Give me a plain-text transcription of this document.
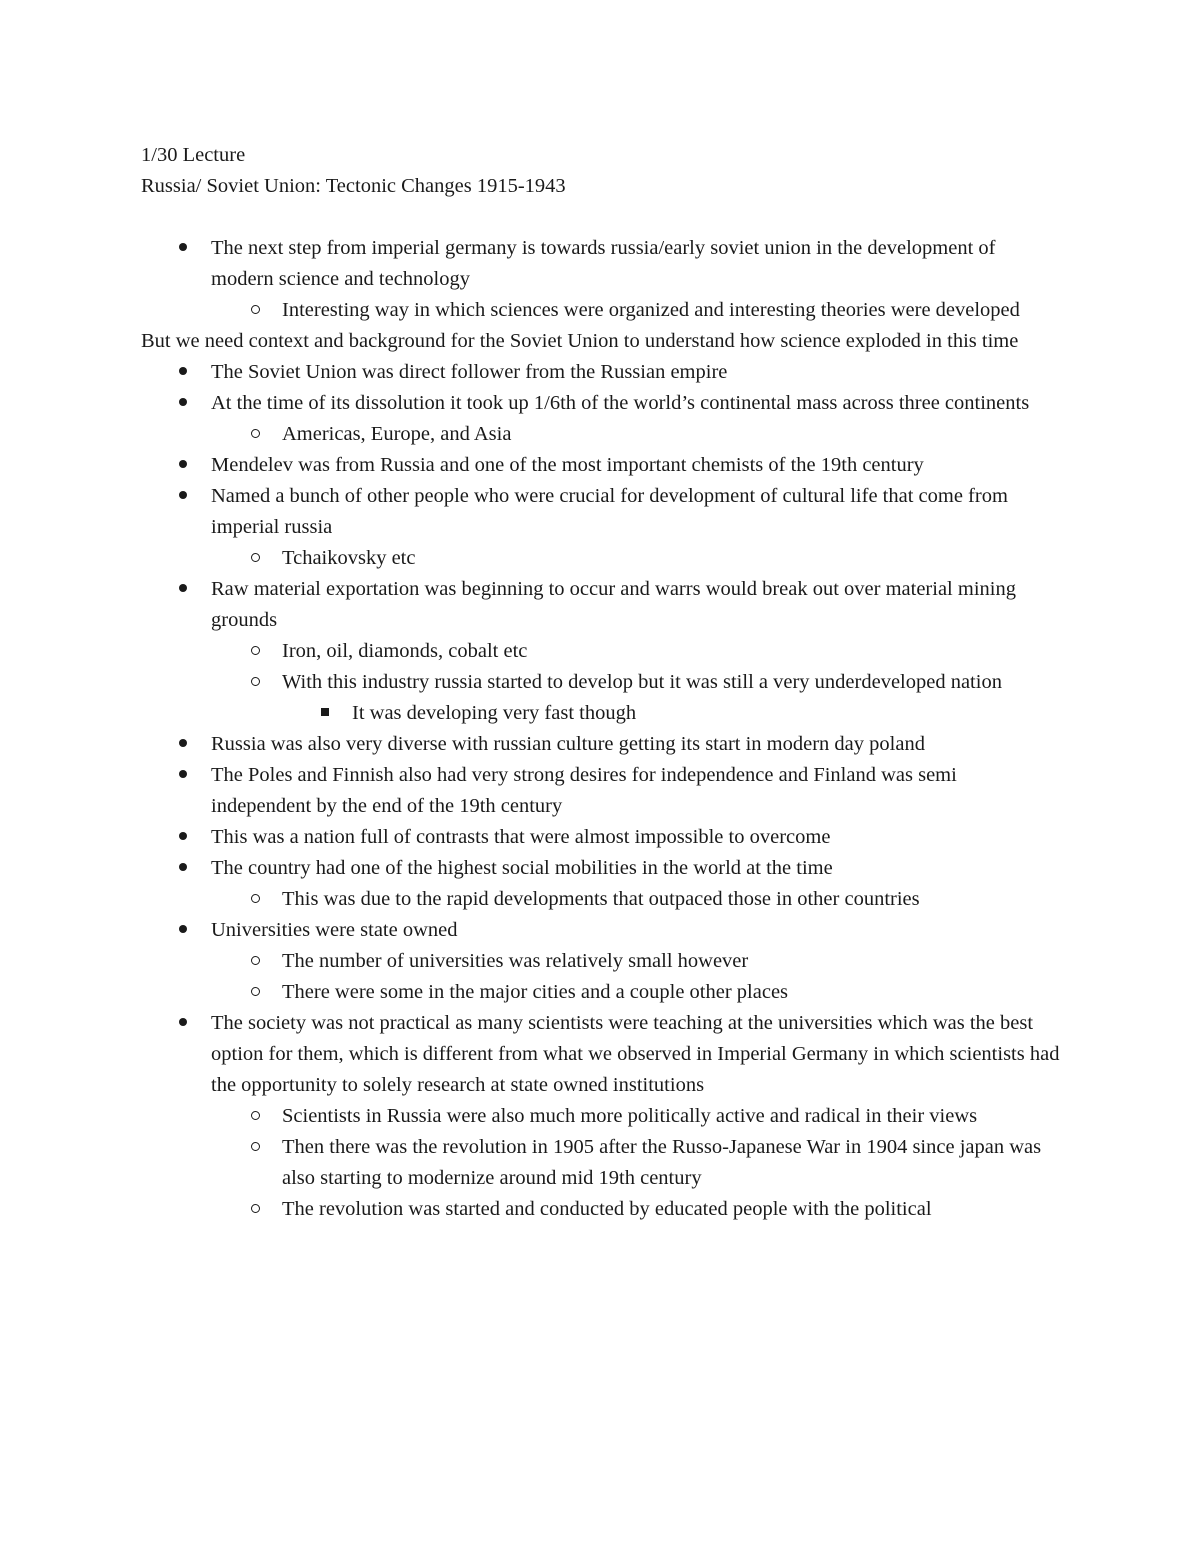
1/30 Lecture

Russia/ Soviet Union: Tectonic Changes 1915-1943

The next step from imperial germany is towards russia/early soviet union in the development of modern science and technology
Interesting way in which sciences were organized and interesting theories were developed

But we need context and background for the Soviet Union to understand how science exploded in this time

The Soviet Union was direct follower from the Russian empire
At the time of its dissolution it took up 1/6th of the world’s continental mass across three continents
Americas, Europe, and Asia
Mendelev was from Russia and one of the most important chemists of the 19th century
Named a bunch of other people who were crucial for development of cultural life that come from imperial russia
Tchaikovsky etc
Raw material exportation was beginning to occur and warrs would break out over material mining grounds
Iron, oil, diamonds, cobalt etc
With this industry russia started to develop but it was still a very underdeveloped nation
It was developing very fast though
Russia was also very diverse with russian culture getting its start in modern day poland
The Poles and Finnish also had very strong desires for independence and Finland was semi independent by the end of the 19th century
This was a nation full of contrasts that were almost impossible to overcome
The country had one of the highest social mobilities in the world at the time
This was due to the rapid developments that outpaced those in other countries
Universities were state owned
The number of universities was relatively small however
There were some in the major cities and a couple other places
The society was not practical as many scientists were teaching at the universities which was the best option for them, which is different from what we observed in Imperial Germany in which scientists had the opportunity to solely research at state owned institutions
Scientists in Russia were also much more politically active and radical in their views
Then there was the revolution in 1905 after the Russo-Japanese War in 1904 since japan was also starting to modernize around mid 19th century
The revolution was started and conducted by educated people with the political
